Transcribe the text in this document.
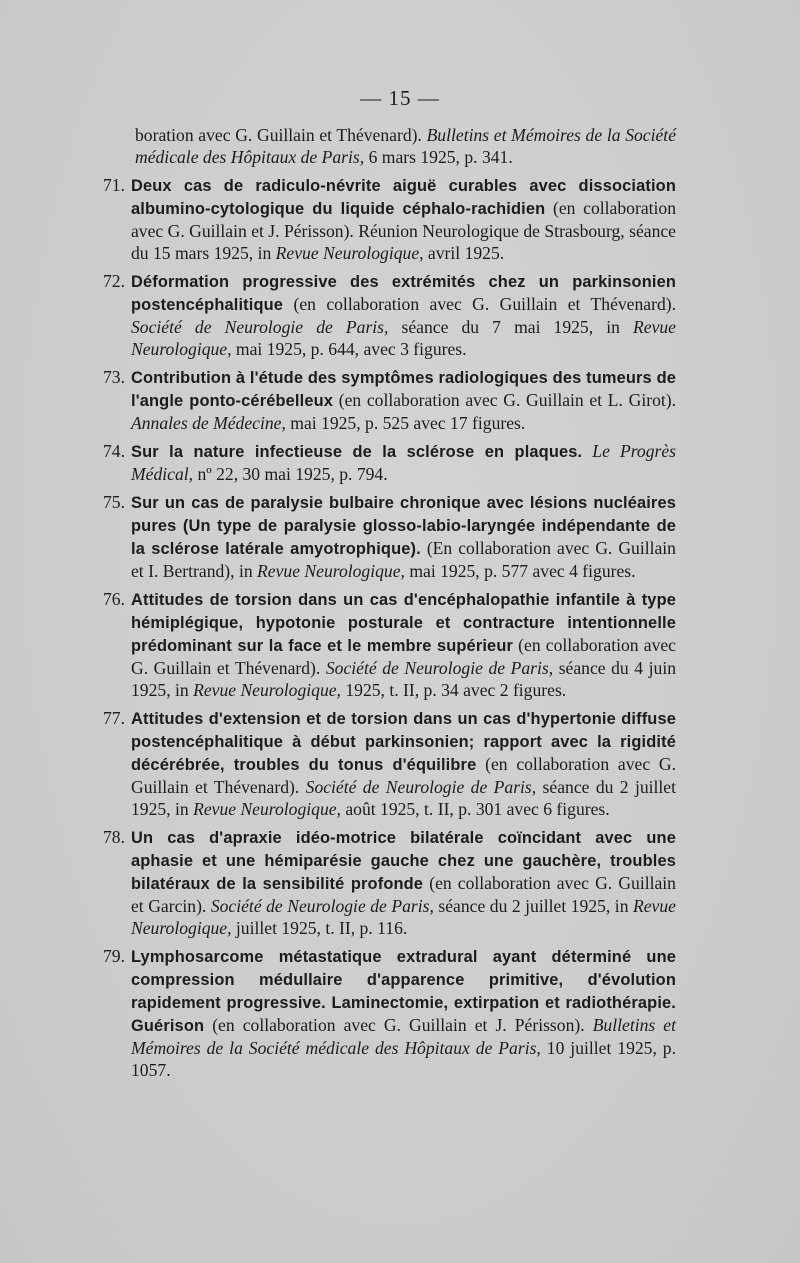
— 15 —
boration avec G. Guillain et Thévenard). Bulletins et Mémoires de la Société médicale des Hôpitaux de Paris, 6 mars 1925, p. 341.
71. Deux cas de radiculo-névrite aiguë curables avec dissociation albumino-cytologique du liquide céphalo-rachidien (en collaboration avec G. Guillain et J. Périsson). Réunion Neurologique de Strasbourg, séance du 15 mars 1925, in Revue Neurologique, avril 1925.
72. Déformation progressive des extrémités chez un parkinsonien postencéphalitique (en collaboration avec G. Guillain et Thévenard). Société de Neurologie de Paris, séance du 7 mai 1925, in Revue Neurologique, mai 1925, p. 644, avec 3 figures.
73. Contribution à l'étude des symptômes radiologiques des tumeurs de l'angle ponto-cérébelleux (en collaboration avec G. Guillain et L. Girot). Annales de Médecine, mai 1925, p. 525 avec 17 figures.
74. Sur la nature infectieuse de la sclérose en plaques. Le Progrès Médical, nº 22, 30 mai 1925, p. 794.
75. Sur un cas de paralysie bulbaire chronique avec lésions nucléaires pures (Un type de paralysie glosso-labio-laryngée indépendante de la sclérose latérale amyotrophique). (En collaboration avec G. Guillain et I. Bertrand), in Revue Neurologique, mai 1925, p. 577 avec 4 figures.
76. Attitudes de torsion dans un cas d'encéphalopathie infantile à type hémiplégique, hypotonie posturale et contracture intentionnelle prédominant sur la face et le membre supérieur (en collaboration avec G. Guillain et Thévenard). Société de Neurologie de Paris, séance du 4 juin 1925, in Revue Neurologique, 1925, t. II, p. 34 avec 2 figures.
77. Attitudes d'extension et de torsion dans un cas d'hypertonie diffuse postencéphalitique à début parkinsonien; rapport avec la rigidité décérébrée, troubles du tonus d'équilibre (en collaboration avec G. Guillain et Thévenard). Société de Neurologie de Paris, séance du 2 juillet 1925, in Revue Neurologique, août 1925, t. II, p. 301 avec 6 figures.
78. Un cas d'apraxie idéo-motrice bilatérale coïncidant avec une aphasie et une hémiparésie gauche chez une gauchère, troubles bilatéraux de la sensibilité profonde (en collaboration avec G. Guillain et Garcin). Société de Neurologie de Paris, séance du 2 juillet 1925, in Revue Neurologique, juillet 1925, t. II, p. 116.
79. Lymphosarcome métastatique extradural ayant déterminé une compression médullaire d'apparence primitive, d'évolution rapidement progressive. Laminectomie, extirpation et radiothérapie. Guérison (en collaboration avec G. Guillain et J. Périsson). Bulletins et Mémoires de la Société médicale des Hôpitaux de Paris, 10 juillet 1925, p. 1057.
